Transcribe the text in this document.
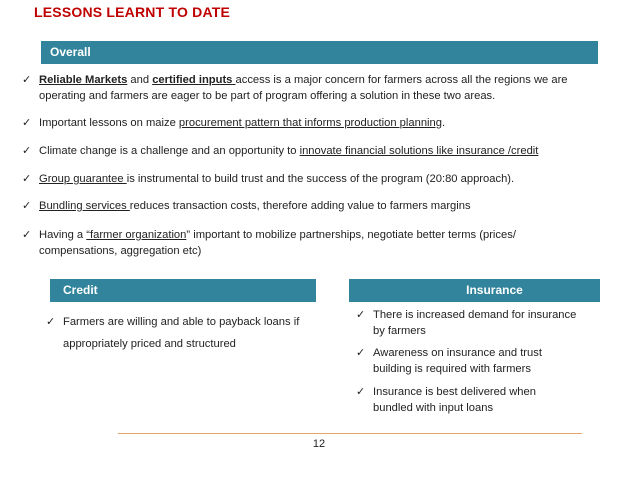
LESSONS LEARNT TO DATE
Overall
✓ Reliable Markets and certified inputs access is a major concern for farmers across all the regions we are
operating and farmers are eager to be part of program offering a solution in these two areas.
✓ Important lessons on maize procurement pattern that informs production planning.
✓ Climate change is a challenge and an opportunity to innovate financial solutions like insurance /credit
✓ Group guarantee is instrumental to build trust and the success of the program (20:80 approach).
✓ Bundling services reduces transaction costs, therefore adding value to farmers margins
✓ Having a “farmer organization” important to mobilize partnerships, negotiate better terms (prices/
compensations, aggregation etc)
Credit
✓ Farmers are willing and able to payback loans if
appropriately priced and structured
Insurance
✓ There is increased demand for insurance
by farmers
✓ Awareness on insurance and trust
building is required with farmers
✓ Insurance is best delivered when
bundled with input loans
12
